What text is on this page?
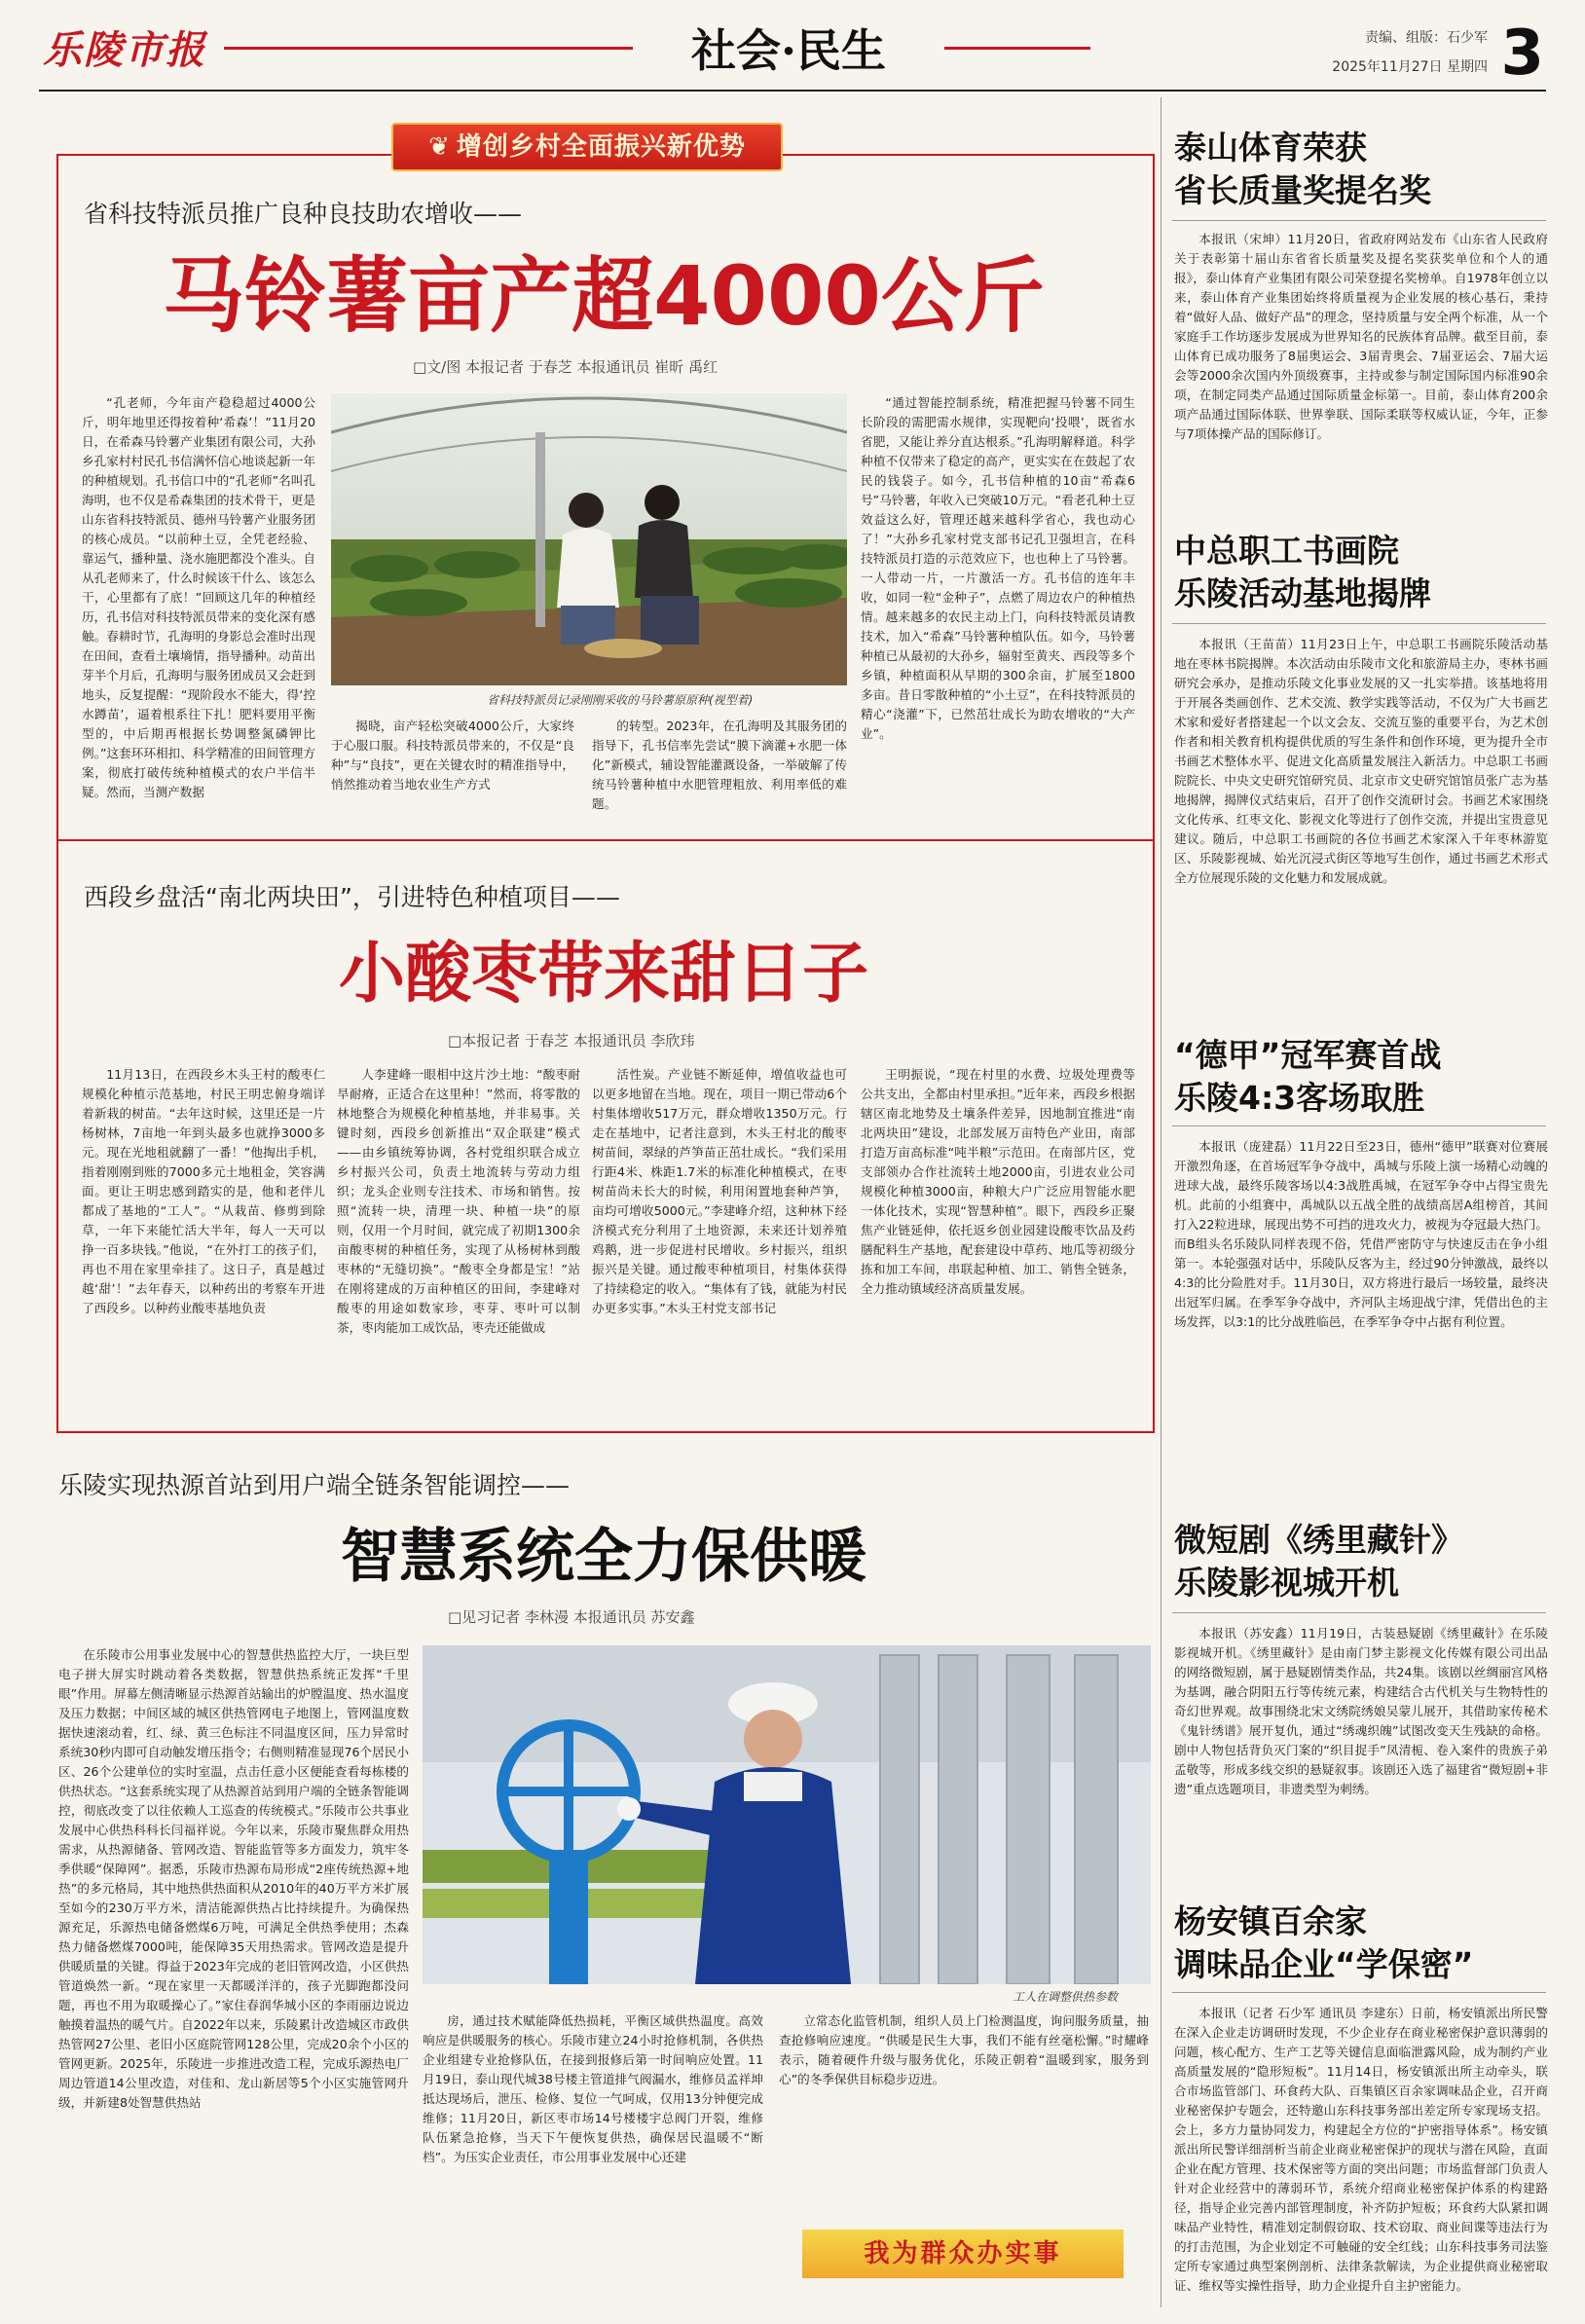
乐陵市报	社会·民生	责编、组版：石少军
2025年11月27日 星期四 3
❦ 增创乡村全面振兴新优势
省科技特派员推广良种良技助农增收——
马铃薯亩产超4000公斤
□文/图 本报记者 于春芝 本报通讯员 崔昕 禹红

“孔老师，今年亩产稳稳超过4000公斤，明年地里还得按着种‘希森’！”11月20日，在希森马铃薯产业集团有限公司，大孙乡孔家村村民孔书信满怀信心地谈起新一年的种植规划。孔书信口中的“孔老师”名叫孔海明，也不仅是希森集团的技术骨干，更是山东省科技特派员、德州马铃薯产业服务团的核心成员。“以前种土豆，全凭老经验、靠运气，播种量、浇水施肥都没个准头。自从孔老师来了，什么时候该干什么、该怎么干，心里都有了底！”回顾这几年的种植经历，孔书信对科技特派员带来的变化深有感触。春耕时节，孔海明的身影总会准时出现在田间，查看土壤墒情，指导播种。动苗出芽半个月后，孔海明与服务团成员又会赶到地头，反复提醒：“现阶段水不能大，得‘控水蹲苗’，逼着根系往下扎！肥料要用平衡型的，中后期再根据长势调整氮磷钾比例。”这套环环相扣、科学精准的田间管理方案，彻底打破传统种植模式的农户半信半疑。然而，当测产数据

省科技特派员记录刚刚采收的马铃薯原原种(视型着)

“通过智能控制系统，精准把握马铃薯不同生长阶段的需肥需水规律，实现靶向‘投喂’，既省水省肥，又能让养分直达根系。”孔海明解释道。科学种植不仅带来了稳定的高产，更实实在在鼓起了农民的钱袋子。如今，孔书信种植的10亩“希森6号”马铃薯，年收入已突破10万元。“看老孔种土豆效益这么好，管理还越来越科学省心，我也动心了！”大孙乡孔家村党支部书记孔卫强坦言，在科技特派员打造的示范效应下，也也种上了马铃薯。一人带动一片，一片激活一方。孔书信的连年丰收，如同一粒“金种子”，点燃了周边农户的种植热情。越来越多的农民主动上门，向科技特派员请教技术，加入“希森”马铃薯种植队伍。如今，马铃薯种植已从最初的大孙乡，辐射至黄夹、西段等多个乡镇，种植面积从早期的300余亩，扩展至1800多亩。昔日零散种植的“小土豆”，在科技特派员的精心“浇灌”下，已然茁壮成长为助农增收的“大产业”。

揭晓，亩产轻松突破4000公斤，大家终于心服口服。科技特派员带来的，不仅是“良种”与“良技”，更在关键农时的精准指导中，悄然推动着当地农业生产方式

的转型。2023年，在孔海明及其服务团的指导下，孔书信率先尝试“膜下滴灌+水肥一体化”新模式，辅设智能灌溉设备，一举破解了传统马铃薯种植中水肥管理粗放、利用率低的难题。

西段乡盘活“南北两块田”，引进特色种植项目——
小酸枣带来甜日子
□本报记者 于春芝 本报通讯员 李欣玮

11月13日，在西段乡木头王村的酸枣仁规模化种植示范基地，村民王明忠俯身端详着新栽的树苗。“去年这时候，这里还是一片杨树林，7亩地一年到头最多也就挣3000多元。现在光地租就翻了一番！”他掏出手机，指着刚刚到账的7000多元土地租金，笑容满面。更让王明忠感到踏实的是，他和老伴儿都成了基地的“工人”。“从栽苗、修剪到除草，一年下来能忙活大半年，每人一天可以挣一百多块钱。”他说，“在外打工的孩子们，再也不用在家里牵挂了。这日子，真是越过越‘甜’！”去年春天，以种药出的考察车开进了西段乡。以种药业酸枣基地负责

人李建峰一眼相中这片沙土地：“酸枣耐旱耐瘠，正适合在这里种！”然而，将零散的林地整合为规模化种植基地，并非易事。关键时刻，西段乡创新推出“双企联建”模式——由乡镇统筹协调，各村党组织联合成立乡村振兴公司，负责土地流转与劳动力组织；龙头企业则专注技术、市场和销售。按照“流转一块，清理一块、种植一块”的原则，仅用一个月时间，就完成了初期1300余亩酸枣树的种植任务，实现了从杨树林到酸枣林的“无缝切换”。“酸枣全身都是宝！”站在刚将建成的万亩种植区的田间，李建峰对酸枣的用途如数家珍，枣芽、枣叶可以制茶，枣肉能加工成饮品，枣壳还能做成

活性炭。产业链不断延伸，增值收益也可以更多地留在当地。现在，项目一期已带动6个村集体增收517万元，群众增收1350万元。行走在基地中，记者注意到，木头王村北的酸枣树苗间，翠绿的芦笋苗正茁壮成长。“我们采用行距4米、株距1.7米的标准化种植模式，在枣树苗尚未长大的时候，利用闲置地套种芦笋，亩均可增收5000元。”李建峰介绍，这种林下经济模式充分利用了土地资源，未来还计划养殖鸡鹅，进一步促进村民增收。乡村振兴，组织振兴是关键。通过酸枣种植项目，村集体获得了持续稳定的收入。“集体有了钱，就能为村民办更多实事。”木头王村党支部书记

王明振说，“现在村里的水费、垃圾处理费等公共支出，全都由村里承担。”近年来，西段乡根据辖区南北地势及土壤条件差异，因地制宜推进“南北两块田”建设，北部发展万亩特色产业田，南部打造万亩高标准“吨半粮”示范田。在南部片区，党支部领办合作社流转土地2000亩，引进农业公司规模化种植3000亩，种粮大户广泛应用智能水肥一体化技术，实现“智慧种植”。眼下，西段乡正聚焦产业链延伸，依托返乡创业园建设酸枣饮品及药膳配料生产基地，配套建设中草药、地瓜等初级分拣和加工车间，串联起种植、加工、销售全链条，全力推动镇域经济高质量发展。

乐陵实现热源首站到用户端全链条智能调控——
智慧系统全力保供暖
□见习记者 李林漫 本报通讯员 苏安鑫

在乐陵市公用事业发展中心的智慧供热监控大厅，一块巨型电子拼大屏实时跳动着各类数据，智慧供热系统正发挥“千里眼”作用。屏幕左侧清晰显示热源首站输出的炉膛温度、热水温度及压力数据；中间区域的城区供热管网电子地图上，管网温度数据快速滚动着，红、绿、黄三色标注不同温度区间，压力异常时系统30秒内即可自动触发增压指令；右侧则精准显现76个居民小区、26个公建单位的实时室温，点击任意小区便能查看每栋楼的供热状态。“这套系统实现了从热源首站到用户端的全链条智能调控，彻底改变了以往依赖人工巡查的传统模式。”乐陵市公共事业发展中心供热科科长闫福祥说。今年以来，乐陵市聚焦群众用热需求，从热源储备、管网改造、智能监管等多方面发力，筑牢冬季供暖“保障网”。据悉，乐陵市热源布局形成“2座传统热源+地热”的多元格局，其中地热供热面积从2010年的40万平方米扩展至如今的230万平方米，清洁能源供热占比持续提升。为确保热源充足，乐源热电储备燃煤6万吨，可满足全供热季使用；杰森热力储备燃煤7000吨，能保障35天用热需求。管网改造是提升供暖质量的关键。得益于2023年完成的老旧管网改造，小区供热管道焕然一新。“现在家里一天都暖洋洋的，孩子光脚跑都没问题，再也不用为取暖操心了。”家住春润华城小区的李雨丽边说边触摸着温热的暖气片。自2022年以来，乐陵累计改造城区市政供热管网27公里、老旧小区庭院管网128公里，完成20余个小区的管网更新。2025年，乐陵进一步推进改造工程，完成乐源热电厂周边管道14公里改造，对佳和、龙山新居等5个小区实施管网升级，并新建8处智慧供热站

工人在调整供热参数

房，通过技术赋能降低热损耗，平衡区域供热温度。高效响应是供暖服务的核心。乐陵市建立24小时抢修机制，各供热企业组建专业抢修队伍，在接到报修后第一时间响应处置。11月19日，泰山现代城38号楼主管道排气阀漏水，维修员孟祥坤抵达现场后，泄压、检修、复位一气呵成，仅用13分钟便完成维修；11月20日，新区枣市场14号楼楼宇总阀门开裂，维修队伍紧急抢修，当天下午便恢复供热，确保居民温暖不“断档”。为压实企业责任，市公用事业发展中心还建

立常态化监管机制，组织人员上门检测温度，询问服务质量，抽查抢修响应速度。“供暖是民生大事，我们不能有丝毫松懈。”时耀峰表示，随着硬件升级与服务优化，乐陵正朝着“温暖到家，服务到心”的冬季保供目标稳步迈进。

我为群众办实事
泰山体育荣获
省长质量奖提名奖

本报讯（宋坤）11月20日，省政府网站发布《山东省人民政府关于表彰第十届山东省省长质量奖及提名奖获奖单位和个人的通报》，泰山体育产业集团有限公司荣登提名奖榜单。自1978年创立以来，泰山体育产业集团始终将质量视为企业发展的核心基石，秉持着“做好人品、做好产品”的理念，坚持质量与安全两个标准，从一个家庭手工作坊逐步发展成为世界知名的民族体育品牌。截至目前，泰山体育已成功服务了8届奥运会、3届青奥会、7届亚运会、7届大运会等2000余次国内外顶级赛事，主持或参与制定国际国内标准90余项，在制定同类产品通过国际质量金标第一。目前，泰山体育200余项产品通过国际体联、世界拳联、国际柔联等权威认证，今年，正参与7项体操产品的国际修订。

中总职工书画院
乐陵活动基地揭牌

本报讯（王苗苗）11月23日上午，中总职工书画院乐陵活动基地在枣林书院揭牌。本次活动由乐陵市文化和旅游局主办，枣林书画研究会承办，是推动乐陵文化事业发展的又一扎实举措。该基地将用于开展各类画创作、艺术交流、教学实践等活动，不仅为广大书画艺术家和爱好者搭建起一个以文会友、交流互鉴的重要平台，为艺术创作者和相关教育机构提供优质的写生条件和创作环境，更为提升全市书画艺术整体水平、促进文化高质量发展注入新活力。中总职工书画院院长、中央文史研究馆研究员、北京市文史研究馆馆员张广志为基地揭牌，揭牌仪式结束后，召开了创作交流研讨会。书画艺术家围绕文化传承、红枣文化、影视文化等进行了创作交流，并提出宝贵意见建议。随后，中总职工书画院的各位书画艺术家深入千年枣林游览区、乐陵影视城、始光沉浸式街区等地写生创作，通过书画艺术形式全方位展现乐陵的文化魅力和发展成就。

“德甲”冠军赛首战
乐陵4:3客场取胜

本报讯（庞建磊）11月22日至23日，德州“德甲”联赛对位赛展开激烈角逐，在首场冠军争夺战中，禹城与乐陵上演一场精心动魄的进球大战，最终乐陵客场以4:3战胜禹城，在冠军争夺中占得宝贵先机。此前的小组赛中，禹城队以五战全胜的战绩高居A组榜首，其间打入22粒进球，展现出势不可挡的进攻火力，被视为夺冠最大热门。而B组头名乐陵队同样表现不俗，凭借严密防守与快速反击在争小组第一。本轮强强对话中，乐陵队反客为主，经过90分钟激战，最终以4:3的比分险胜对手。11月30日，双方将进行最后一场较量，最终决出冠军归属。在季军争夺战中，齐河队主场迎战宁津，凭借出色的主场发挥，以3:1的比分战胜临邑，在季军争夺中占据有利位置。

微短剧《绣里藏针》
乐陵影视城开机

本报讯（苏安鑫）11月19日，古装悬疑剧《绣里藏针》在乐陵影视城开机。《绣里藏针》是由南门梦主影视文化传媒有限公司出品的网络微短剧，属于悬疑剧情类作品，共24集。该剧以丝绸丽宫风格为基调，融合阴阳五行等传统元素，构建结合古代机关与生物特性的奇幻世界观。故事围绕北宋文绣院绣娘吴蒙儿展开，其借助家传秘术《鬼针绣谱》展开复仇，通过“绣魂织魄”试图改变天生残缺的命格。剧中人物包括背负灭门案的“织目捉手”凤清栀、卷入案件的贵族子弟孟敬等，形成多线交织的悬疑叙事。该剧还入选了福建省“微短剧+非遗”重点选题项目，非遗类型为刺绣。

杨安镇百余家
调味品企业“学保密”

本报讯（记者 石少军 通讯员 李建东）日前，杨安镇派出所民警在深入企业走访调研时发现，不少企业存在商业秘密保护意识薄弱的问题，核心配方、生产工艺等关键信息面临泄露风险，成为制约产业高质量发展的“隐形短板”。11月14日，杨安镇派出所主动牵头，联合市场监管部门、环食药大队、百集镇区百余家调味品企业，召开商业秘密保护专题会，还特邀山东科技事务部出差定所专家现场支招。会上，多方力量协同发力，构建起全方位的“护密指导体系”。杨安镇派出所民警详细剖析当前企业商业秘密保护的现状与潜在风险，直面企业在配方管理、技术保密等方面的突出问题；市场监督部门负责人针对企业经营中的薄弱环节，系统介绍商业秘密保护体系的构建路径，指导企业完善内部管理制度，补齐防护短板；环食药大队紧扣调味品产业特性，精准划定制假窃取、技术窃取、商业间谍等违法行为的打击范围，为企业划定不可触碰的安全红线；山东科技事务司法鉴定所专家通过典型案例剖析、法律条款解读，为企业提供商业秘密取证、维权等实操性指导，助力企业提升自主护密能力。
